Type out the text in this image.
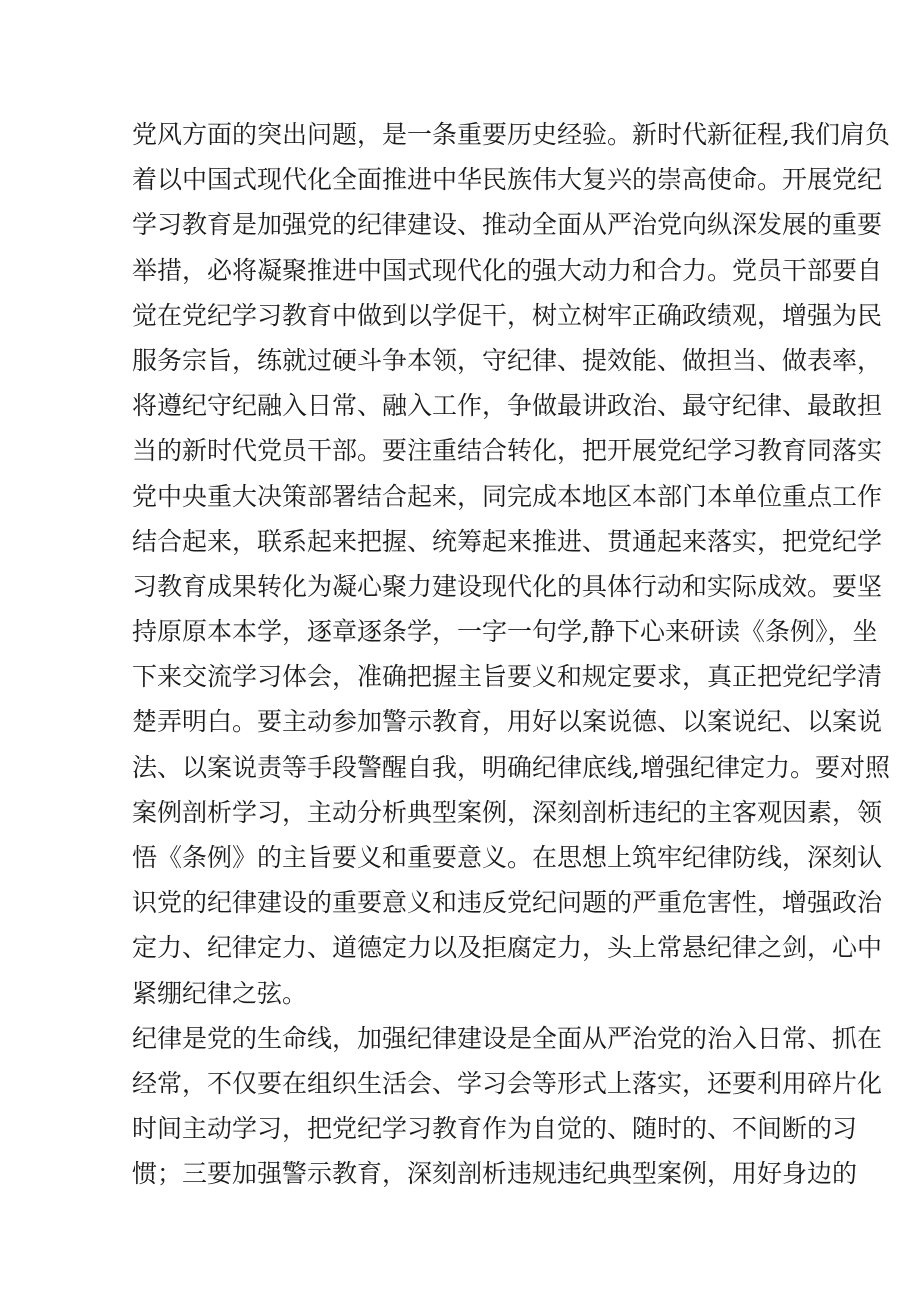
党风方面的突出问题，是一条重要历史经验。新时代新征程,我们肩负
着以中国式现代化全面推进中华民族伟大复兴的崇高使命。开展党纪
学习教育是加强党的纪律建设、推动全面从严治党向纵深发展的重要
举措，必将凝聚推进中国式现代化的强大动力和合力。党员干部要自
觉在党纪学习教育中做到以学促干，树立树牢正确政绩观，增强为民
服务宗旨，练就过硬斗争本领，守纪律、提效能、做担当、做表率，
将遵纪守纪融入日常、融入工作，争做最讲政治、最守纪律、最敢担
当的新时代党员干部。要注重结合转化，把开展党纪学习教育同落实
党中央重大决策部署结合起来，同完成本地区本部门本单位重点工作
结合起来，联系起来把握、统筹起来推进、贯通起来落实，把党纪学
习教育成果转化为凝心聚力建设现代化的具体行动和实际成效。要坚
持原原本本学，逐章逐条学，一字一句学,静下心来研读《条例》，坐
下来交流学习体会，准确把握主旨要义和规定要求，真正把党纪学清
楚弄明白。要主动参加警示教育，用好以案说德、以案说纪、以案说
法、以案说责等手段警醒自我，明确纪律底线,增强纪律定力。要对照
案例剖析学习，主动分析典型案例，深刻剖析违纪的主客观因素，领
悟《条例》的主旨要义和重要意义。在思想上筑牢纪律防线，深刻认
识党的纪律建设的重要意义和违反党纪问题的严重危害性，增强政治
定力、纪律定力、道德定力以及拒腐定力，头上常悬纪律之剑，心中
紧绷纪律之弦。
纪律是党的生命线，加强纪律建设是全面从严治党的治入日常、抓在
经常，不仅要在组织生活会、学习会等形式上落实，还要利用碎片化
时间主动学习，把党纪学习教育作为自觉的、随时的、不间断的习
惯；三要加强警示教育，深刻剖析违规违纪典型案例，用好身边的
